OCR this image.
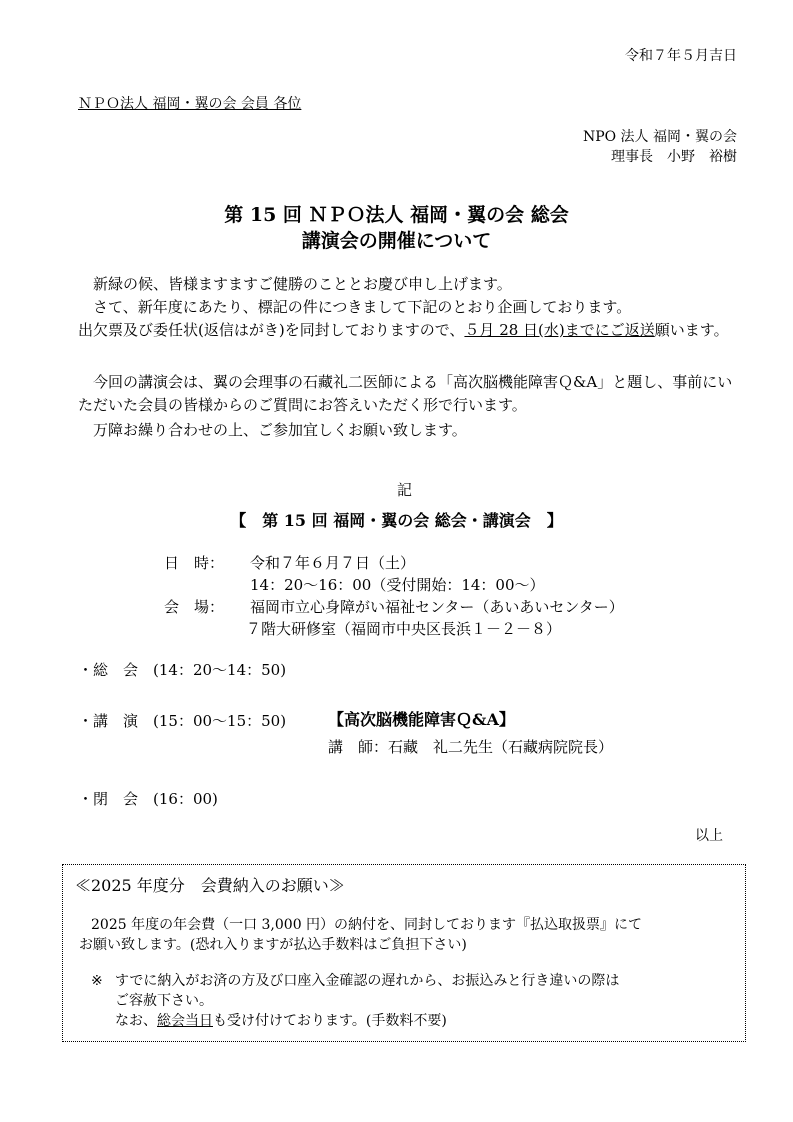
令和７年５月吉日
ＮＰＯ法人 福岡・翼の会 会員 各位
NPO 法人 福岡・翼の会
理事長　小野　裕樹
第 15 回 ＮＰＯ法人 福岡・翼の会 総会
講演会の開催について
新緑の候、皆様ますますご健勝のこととお慶び申し上げます。
さて、新年度にあたり、標記の件につきまして下記のとおり企画しております。
出欠票及び委任状(返信はがき)を同封しておりますので、５月 28 日(水)までにご返送願います。
今回の講演会は、翼の会理事の石藏礼二医師による「高次脳機能障害Ｑ&A」と題し、事前にいただいた会員の皆様からのご質問にお答えいただく形で行います。
万障お繰り合わせの上、ご参加宜しくお願い致します。
記
【　第 15 回 福岡・翼の会 総会・講演会　】
日　時： 令和７年６月７日（土）
14：20～16：00（受付開始：14：00～）
会　場： 福岡市立心身障がい福祉センター（あいあいセンター）
７階大研修室（福岡市中央区長浜１－２－８）
・総　会　(14：20～14：50)
・講　演　(15：00～15：50)	【高次脳機能障害Ｑ&A】
講　師：石藏　礼二先生（石藏病院院長）
・閉　会　(16：00)
以上
≪2025 年度分　会費納入のお願い≫
2025 年度の年会費（一口 3,000 円）の納付を、同封しております『払込取扱票』にて
お願い致します。(恐れ入りますが払込手数料はご負担下さい)
※ すでに納入がお済の方及び口座入金確認の遅れから、お振込みと行き違いの際は
ご容赦下さい。
なお、総会当日も受け付けております。(手数料不要)
